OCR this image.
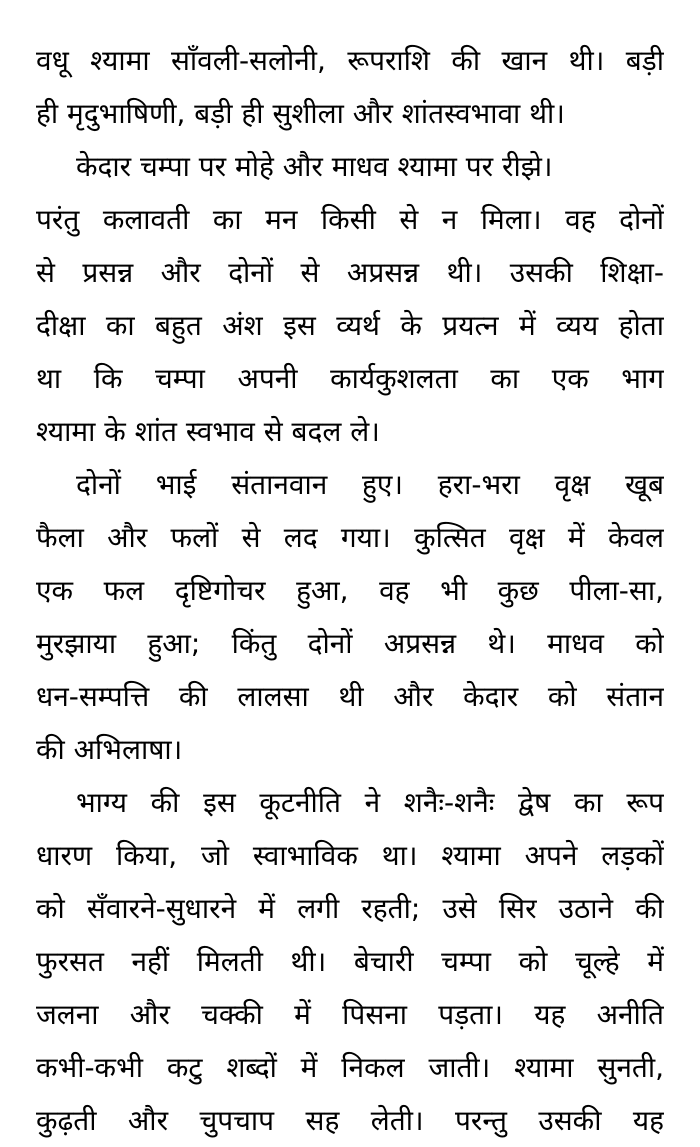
वधू श्यामा साँवली-सलोनी, रूपराशि की खान थी। बड़ी
ही मृदुभाषिणी, बड़ी ही सुशीला और शांतस्वभावा थी।
केदार चम्पा पर मोहे और माधव श्यामा पर रीझे।
परंतु कलावती का मन किसी से न मिला। वह दोनों
से प्रसन्न और दोनों से अप्रसन्न थी। उसकी शिक्षा-
दीक्षा का बहुत अंश इस व्यर्थ के प्रयत्न में व्यय होता
था कि चम्पा अपनी कार्यकुशलता का एक भाग
श्यामा के शांत स्वभाव से बदल ले।
दोनों भाई संतानवान हुए। हरा-भरा वृक्ष खूब
फैला और फलों से लद गया। कुत्सित वृक्ष में केवल
एक फल दृष्टिगोचर हुआ, वह भी कुछ पीला-सा,
मुरझाया हुआ; किंतु दोनों अप्रसन्न थे। माधव को
धन-सम्पत्ति की लालसा थी और केदार को संतान
की अभिलाषा।
भाग्य की इस कूटनीति ने शनैः-शनैः द्वेष का रूप
धारण किया, जो स्वाभाविक था। श्यामा अपने लड़कों
को सँवारने-सुधारने में लगी रहती; उसे सिर उठाने की
फुरसत नहीं मिलती थी। बेचारी चम्पा को चूल्हे में
जलना और चक्की में पिसना पड़ता। यह अनीति
कभी-कभी कटु शब्दों में निकल जाती। श्यामा सुनती,
कुढ़ती और चुपचाप सह लेती। परन्तु उसकी यह
